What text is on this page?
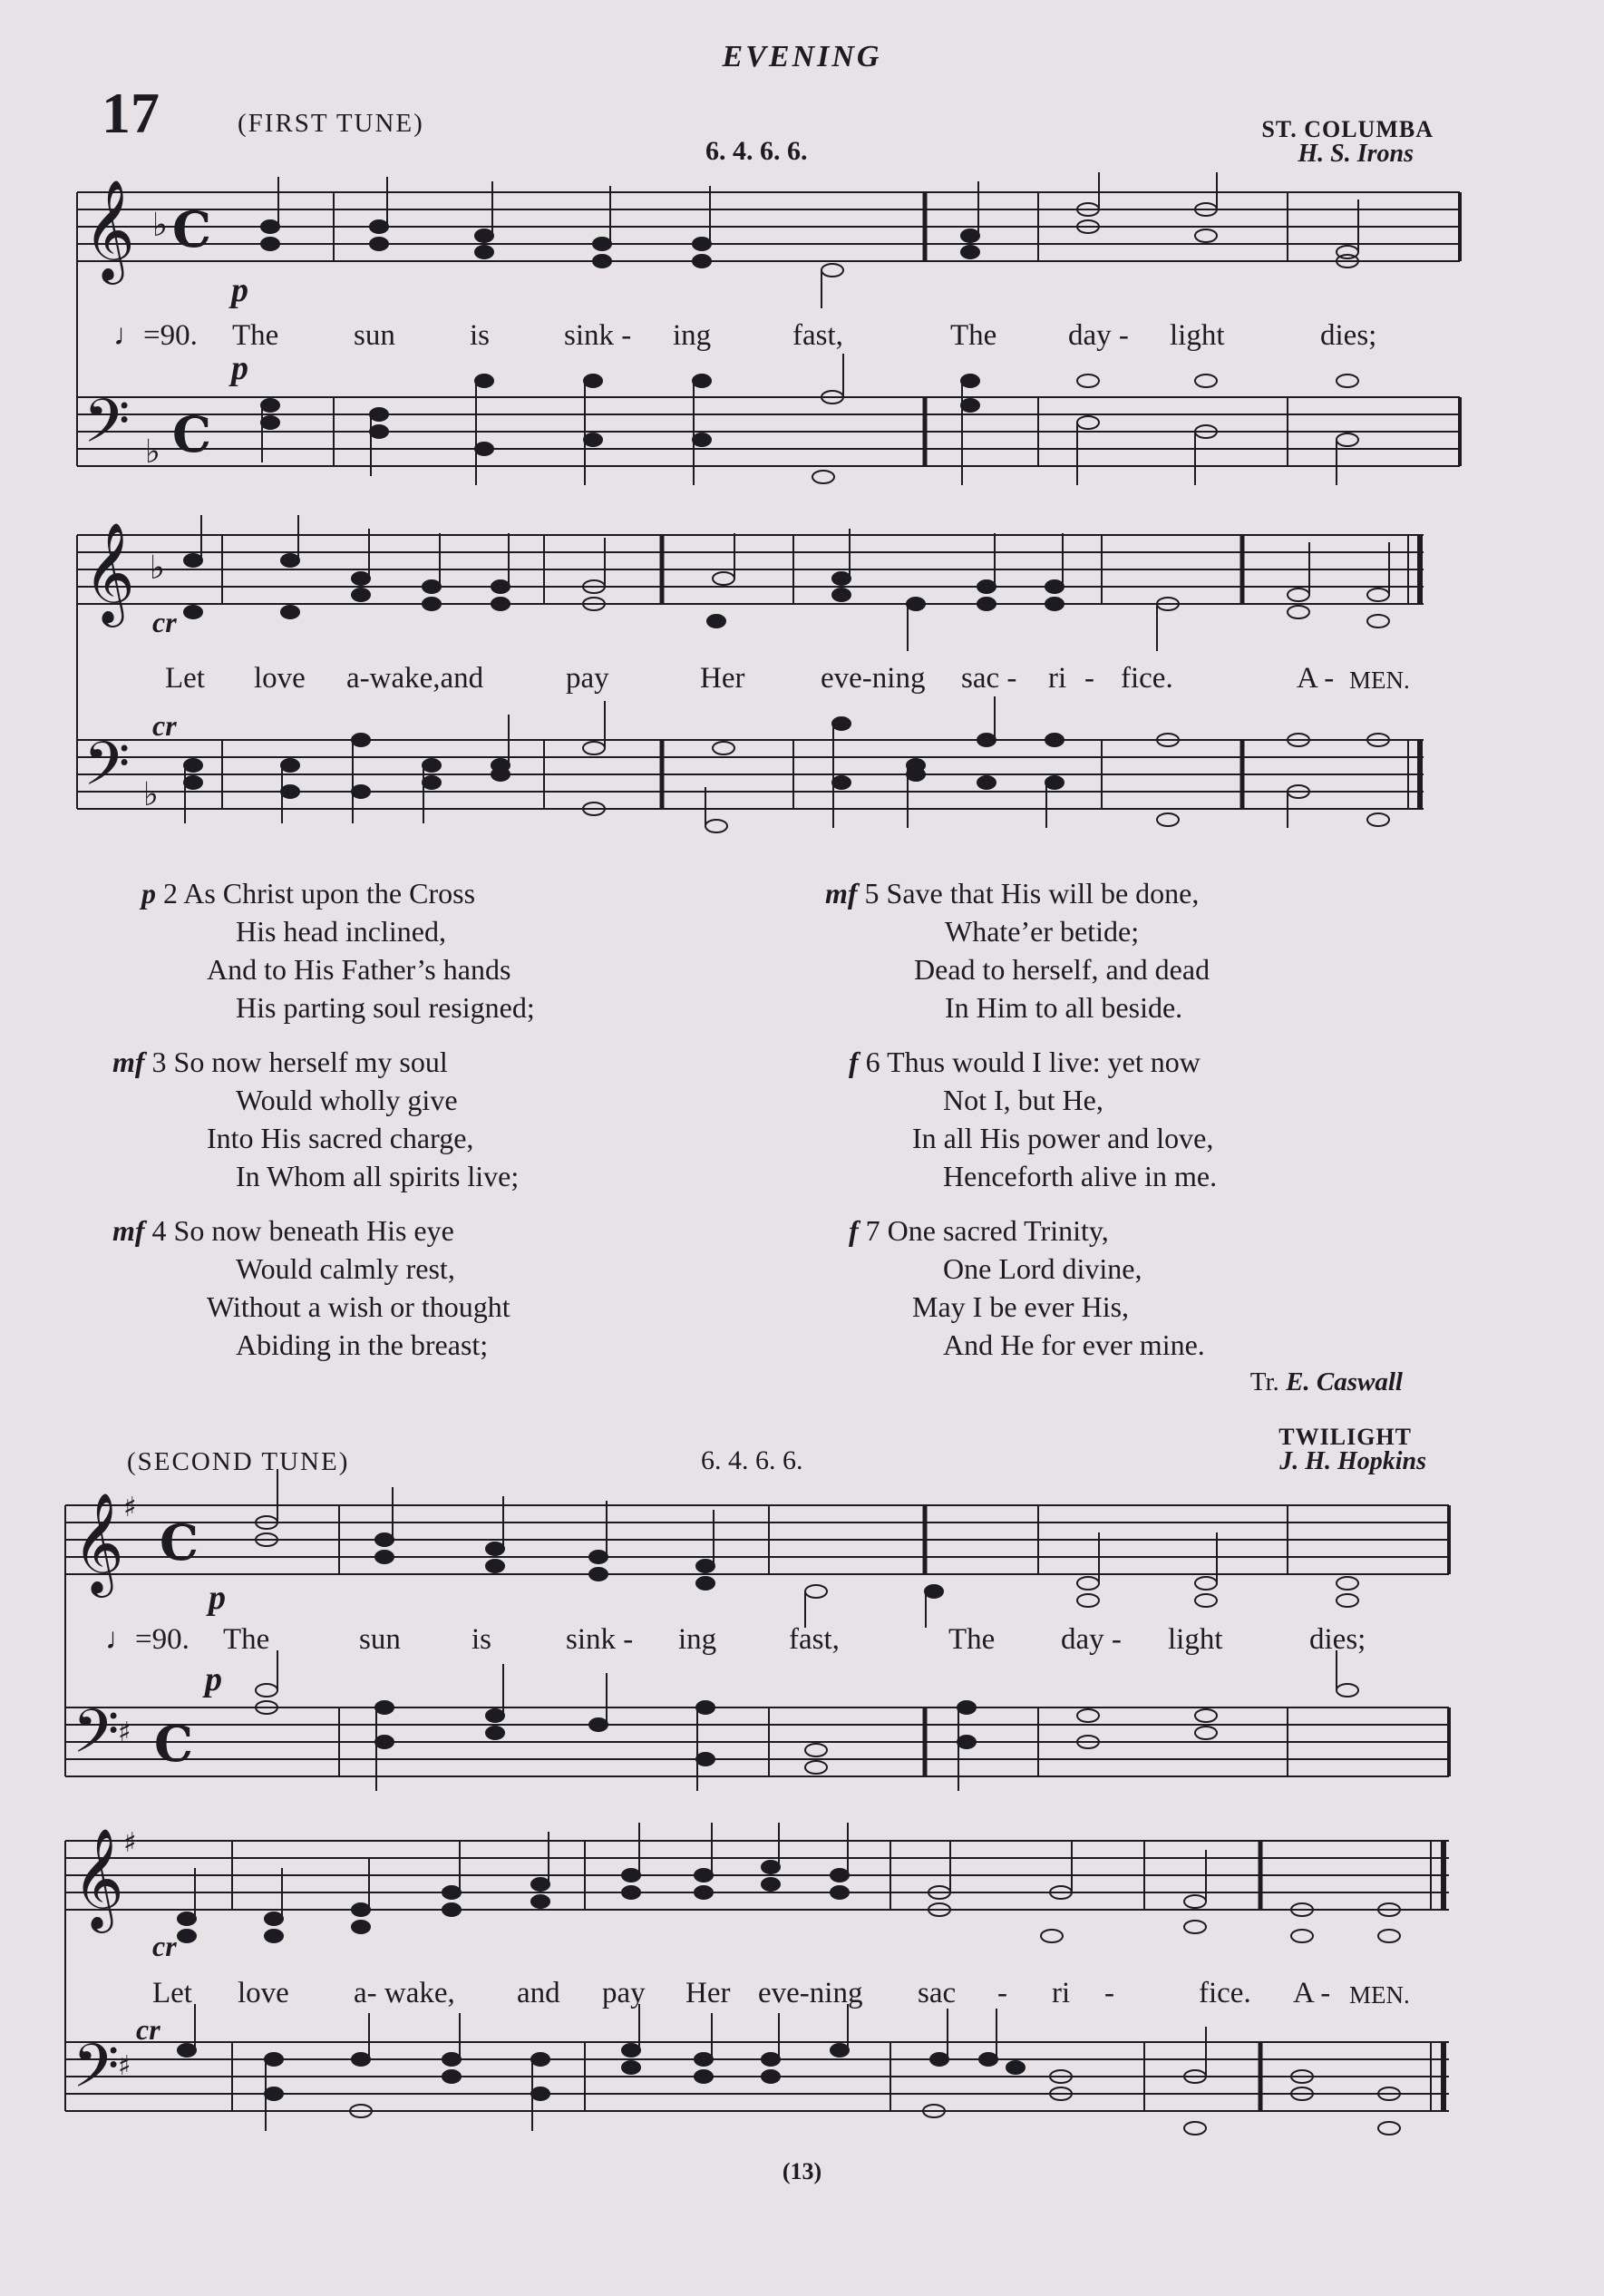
EVENING
17	(FIRST TUNE)
6. 4. 6. 6.
ST. COLUMBA
H. S. Irons
𝄞
𝄢
♭
♭
C
C
p
p
♩=90. The	sun is sink - ing	fast,	The day - light	dies;
𝄞
𝄢
♭
♭
cr
cr
Let love a-wake,and	pay	Her	eve-ning sac - ri - fice.	A - MEN.
p 2 As Christ upon the Cross
His head inclined,
And to His Father’s hands
His parting soul resigned;
mf 3 So now herself my soul
Would wholly give
Into His sacred charge,
In Whom all spirits live;
mf 4 So now beneath His eye
Would calmly rest,
Without a wish or thought
Abiding in the breast;
mf 5 Save that His will be done,
Whate’er betide;
Dead to herself, and dead
In Him to all beside.
f 6 Thus would I live: yet now
Not I, but He,
In all His power and love,
Henceforth alive in me.
f 7 One sacred Trinity,
One Lord divine,
May I be ever His,
And He for ever mine.
Tr. E. Caswall
TWILIGHT
(SECOND TUNE)	6. 4. 6. 6.	J. H. Hopkins
𝄞
𝄢
♯
♯
C
C
p
p
♩=90. The	sun is sink - ing fast,	The day - light	dies;
𝄞
𝄢
♯
♯
cr
cr
Let love a- wake, and pay Her eve-ning sac - ri -	fice. A - MEN.
(13)
